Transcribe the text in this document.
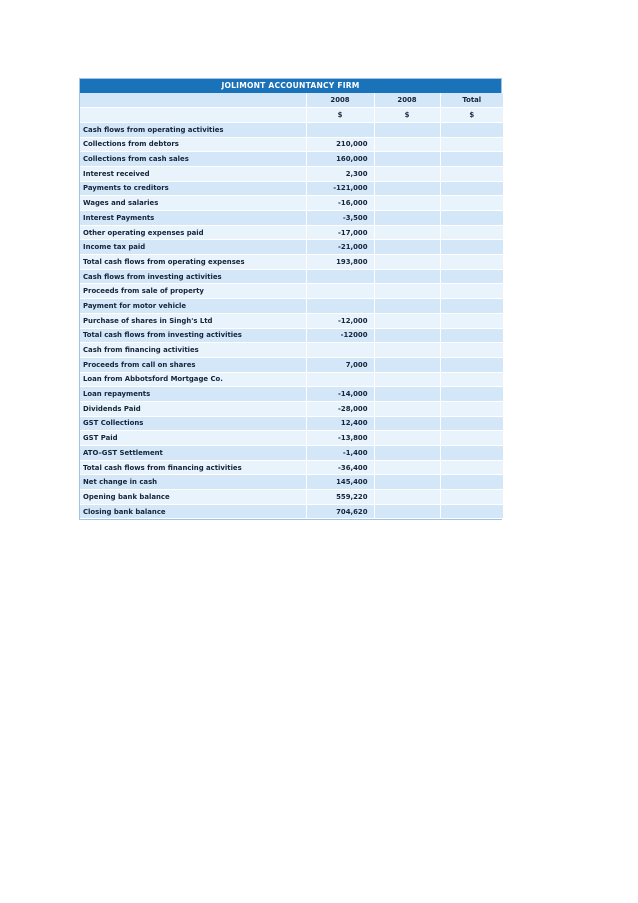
JOLIMONT ACCOUNTANCY FIRM
	2008	2008	Total
	$	$	$
Cash flows from operating activities			
Collections from debtors	210,000		
Collections from cash sales	160,000		
Interest received	2,300		
Payments to creditors	-121,000		
Wages and salaries	-16,000		
Interest Payments	-3,500		
Other operating expenses paid	-17,000		
Income tax paid	-21,000		
Total cash flows from operating expenses	193,800		
Cash flows from investing activities			
Proceeds from sale of property			
Payment for motor vehicle			
Purchase of shares in Singh's Ltd	-12,000		
Total cash flows from investing activities	-12000		
Cash from financing activities			
Proceeds from call on shares	7,000		
Loan from Abbotsford Mortgage Co.			
Loan repayments	-14,000		
Dividends Paid	-28,000		
GST Collections	12,400		
GST Paid	-13,800		
ATO–GST Settlement	-1,400		
Total cash flows from financing activities	-36,400		
Net change in cash	145,400		
Opening bank balance	559,220		
Closing bank balance	704,620		
